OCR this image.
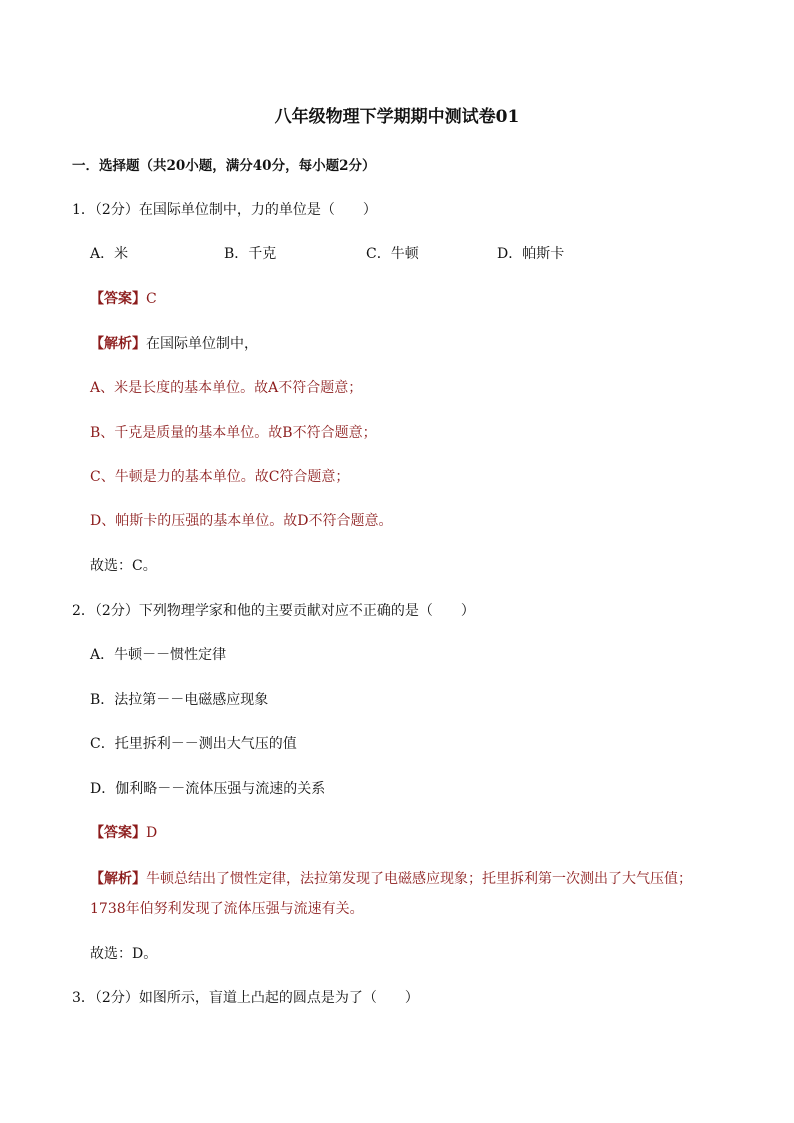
八年级物理下学期期中测试卷01
一．选择题（共20小题，满分40分，每小题2分）
1．（2分）在国际单位制中，力的单位是（　　）
A．米	B．千克	C．牛顿	D．帕斯卡
【答案】C
【解析】在国际单位制中，
A、米是长度的基本单位。故A不符合题意；
B、千克是质量的基本单位。故B不符合题意；
C、牛顿是力的基本单位。故C符合题意；
D、帕斯卡的压强的基本单位。故D不符合题意。
故选：C。
2．（2分）下列物理学家和他的主要贡献对应不正确的是（　　）
A．牛顿－－惯性定律
B．法拉第－－电磁感应现象
C．托里拆利－－测出大气压的值
D．伽利略－－流体压强与流速的关系
【答案】D
【解析】牛顿总结出了惯性定律，法拉第发现了电磁感应现象；托里拆利第一次测出了大气压值；1738年伯努利发现了流体压强与流速有关。
故选：D。
3．（2分）如图所示，盲道上凸起的圆点是为了（　　）
